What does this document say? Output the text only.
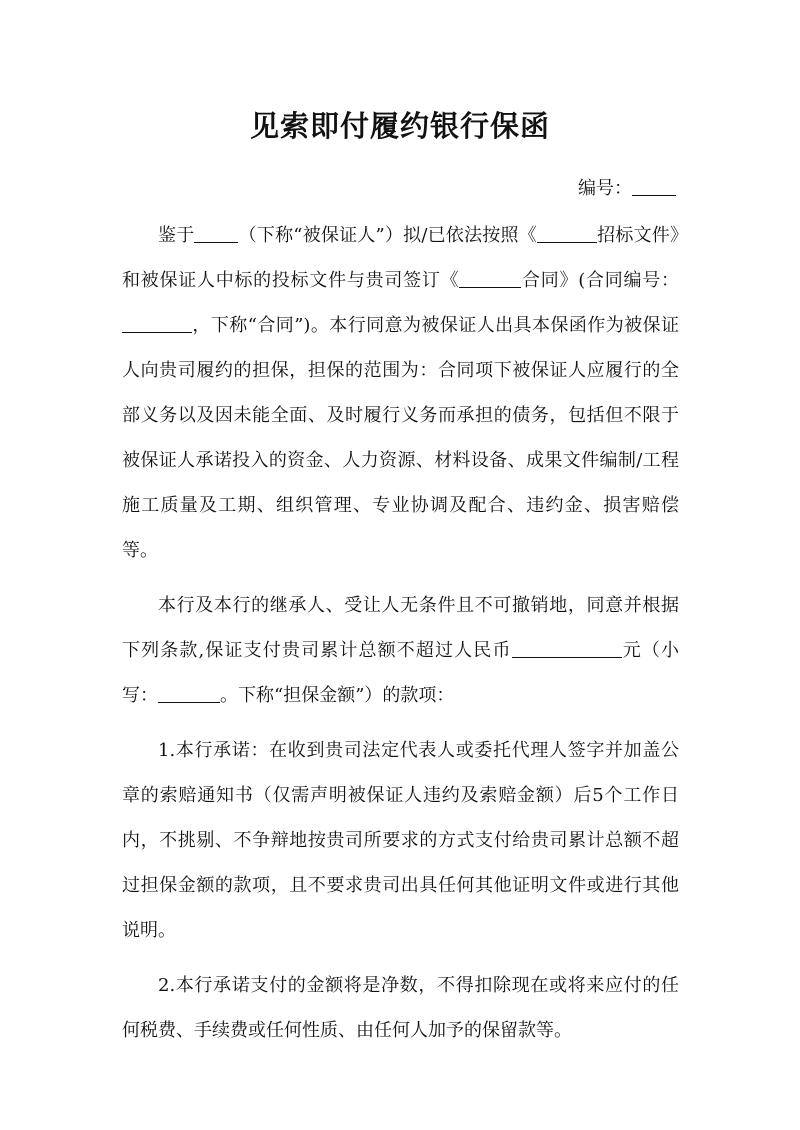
见索即付履约银行保函
编号：

鉴于 （下称“被保证人”）拟/已依法按照《	招标文件》和被保证人中标的投标文件与贵司签订《	合同》(合同编号：，下称“合同”)。本行同意为被保证人出具本保函作为被保证人向贵司履约的担保，担保的范围为：合同项下被保证人应履行的全部义务以及因未能全面、及时履行义务而承担的债务，包括但不限于被保证人承诺投入的资金、人力资源、材料设备、成果文件编制/工程施工质量及工期、组织管理、专业协调及配合、违约金、损害赔偿等。

本行及本行的继承人、受让人无条件且不可撤销地，同意并根据下列条款,保证支付贵司累计总额不超过人民币	元（小写：	。下称“担保金额”）的款项：

1.本行承诺：在收到贵司法定代表人或委托代理人签字并加盖公章的索赔通知书（仅需声明被保证人违约及索赔金额）后5个工作日内，不挑剔、不争辩地按贵司所要求的方式支付给贵司累计总额不超过担保金额的款项，且不要求贵司出具任何其他证明文件或进行其他说明。

2.本行承诺支付的金额将是净数，不得扣除现在或将来应付的任何税费、手续费或任何性质、由任何人加予的保留款等。
